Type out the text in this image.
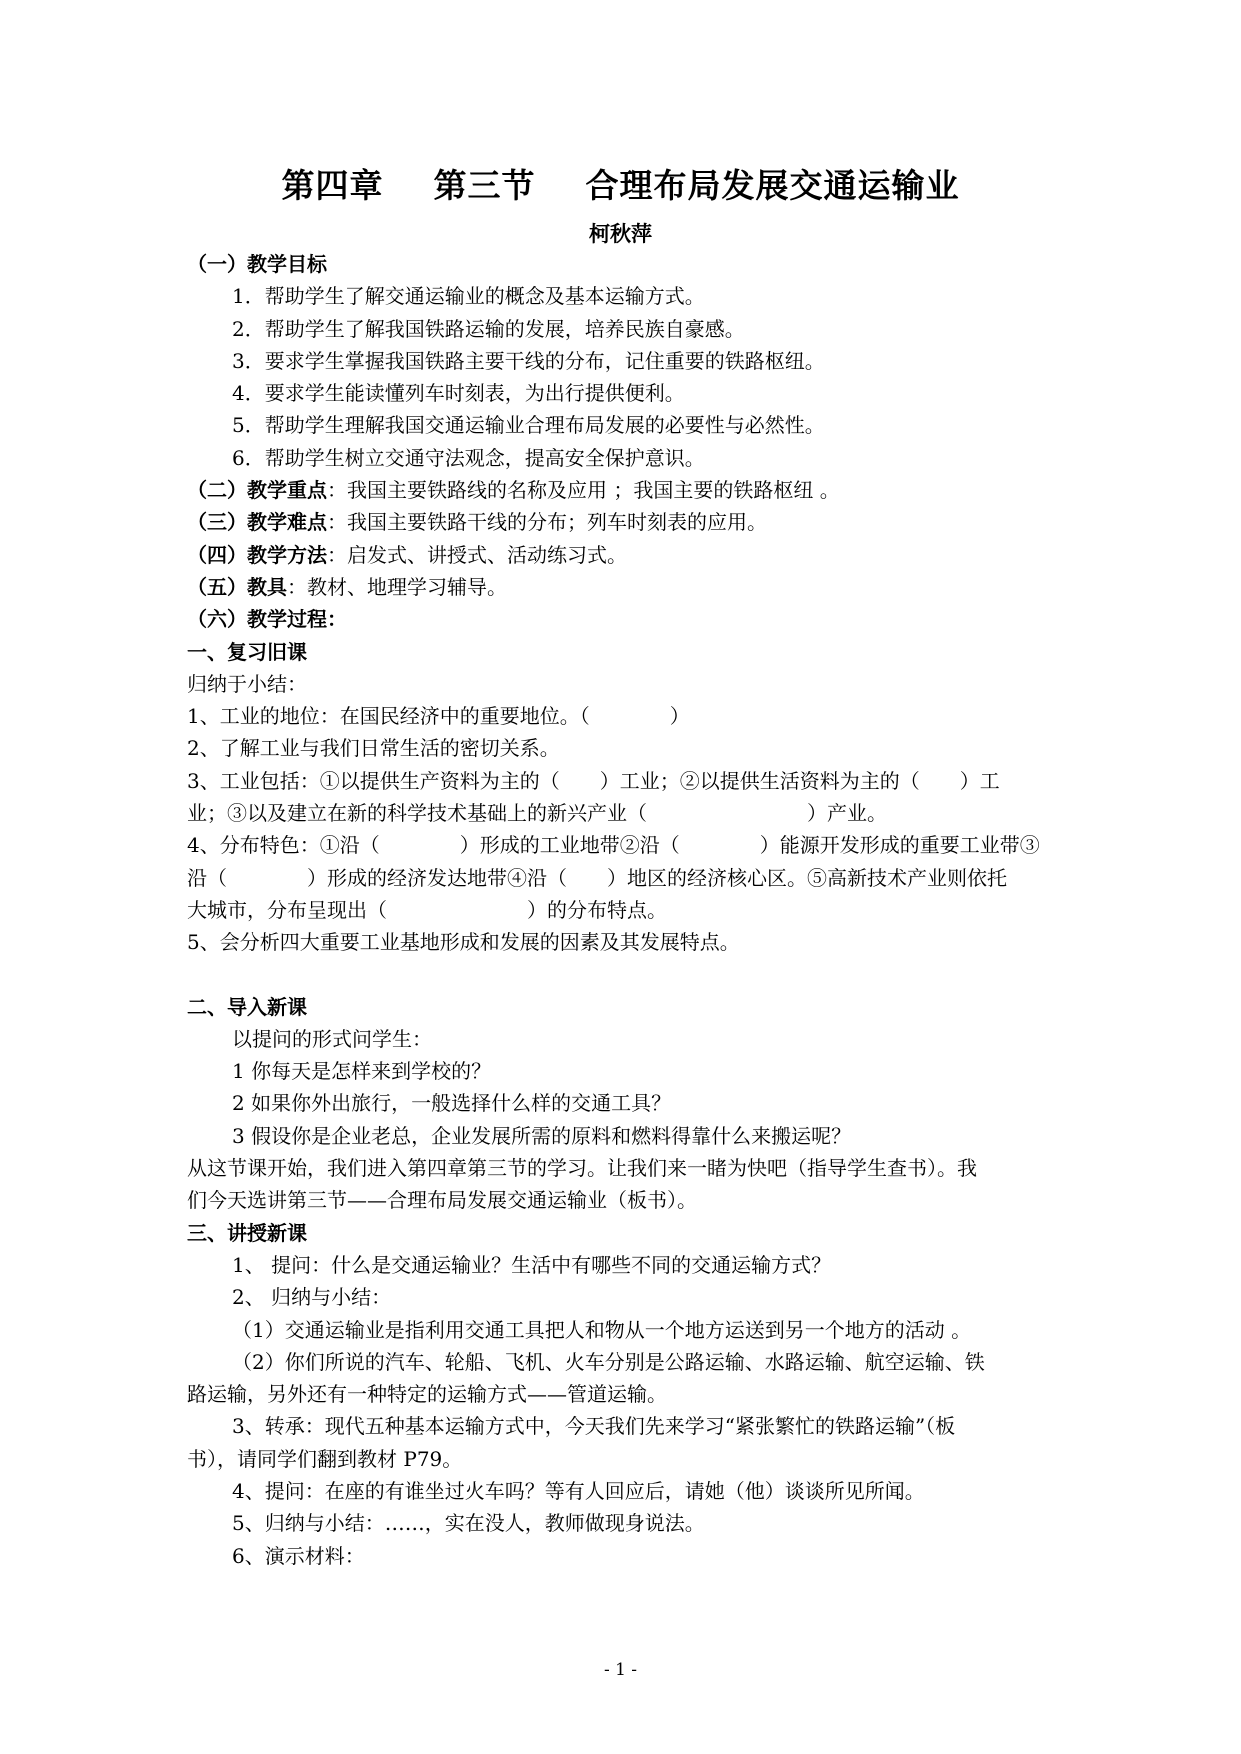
第四章 第三节 合理布局发展交通运输业
柯秋萍
（一）教学目标
1．帮助学生了解交通运输业的概念及基本运输方式。
2．帮助学生了解我国铁路运输的发展，培养民族自豪感。
3．要求学生掌握我国铁路主要干线的分布，记住重要的铁路枢纽。
4．要求学生能读懂列车时刻表，为出行提供便利。
5．帮助学生理解我国交通运输业合理布局发展的必要性与必然性。
6．帮助学生树立交通守法观念，提高安全保护意识。
（二）教学重点：我国主要铁路线的名称及应用 ；我国主要的铁路枢纽 。
（三）教学难点：我国主要铁路干线的分布；列车时刻表的应用。
（四）教学方法：启发式、讲授式、活动练习式。
（五）教具：教材、地理学习辅导。
（六）教学过程：
一、复习旧课
归纳于小结：
1、工业的地位：在国民经济中的重要地位。（　　　　）
2、了解工业与我们日常生活的密切关系。
3、工业包括：①以提供生产资料为主的（　　）工业；②以提供生活资料为主的（　　）工
业；③以及建立在新的科学技术基础上的新兴产业（　　　　　　　　）产业。
4、分布特色：①沿（　　　　）形成的工业地带②沿（　　　　）能源开发形成的重要工业带③
沿（　　　　）形成的经济发达地带④沿（　　）地区的经济核心区。⑤高新技术产业则依托
大城市，分布呈现出（　　　　　　　）的分布特点。
5、会分析四大重要工业基地形成和发展的因素及其发展特点。
二、导入新课
以提问的形式问学生：
1 你每天是怎样来到学校的？
2 如果你外出旅行，一般选择什么样的交通工具？
3 假设你是企业老总，企业发展所需的原料和燃料得靠什么来搬运呢？
从这节课开始，我们进入第四章第三节的学习。让我们来一睹为快吧（指导学生查书）。我
们今天选讲第三节——合理布局发展交通运输业（板书）。
三、讲授新课
1、 提问：什么是交通运输业？生活中有哪些不同的交通运输方式？
2、 归纳与小结：
（1）交通运输业是指利用交通工具把人和物从一个地方运送到另一个地方的活动 。
（2）你们所说的汽车、轮船、飞机、火车分别是公路运输、水路运输、航空运输、铁
路运输，另外还有一种特定的运输方式——管道运输。
3、转承：现代五种基本运输方式中，今天我们先来学习“紧张繁忙的铁路运输”（板
书），请同学们翻到教材 P79。
4、提问：在座的有谁坐过火车吗？等有人回应后，请她（他）谈谈所见所闻。
5、归纳与小结：……，实在没人，教师做现身说法。
6、演示材料：
- 1 -
